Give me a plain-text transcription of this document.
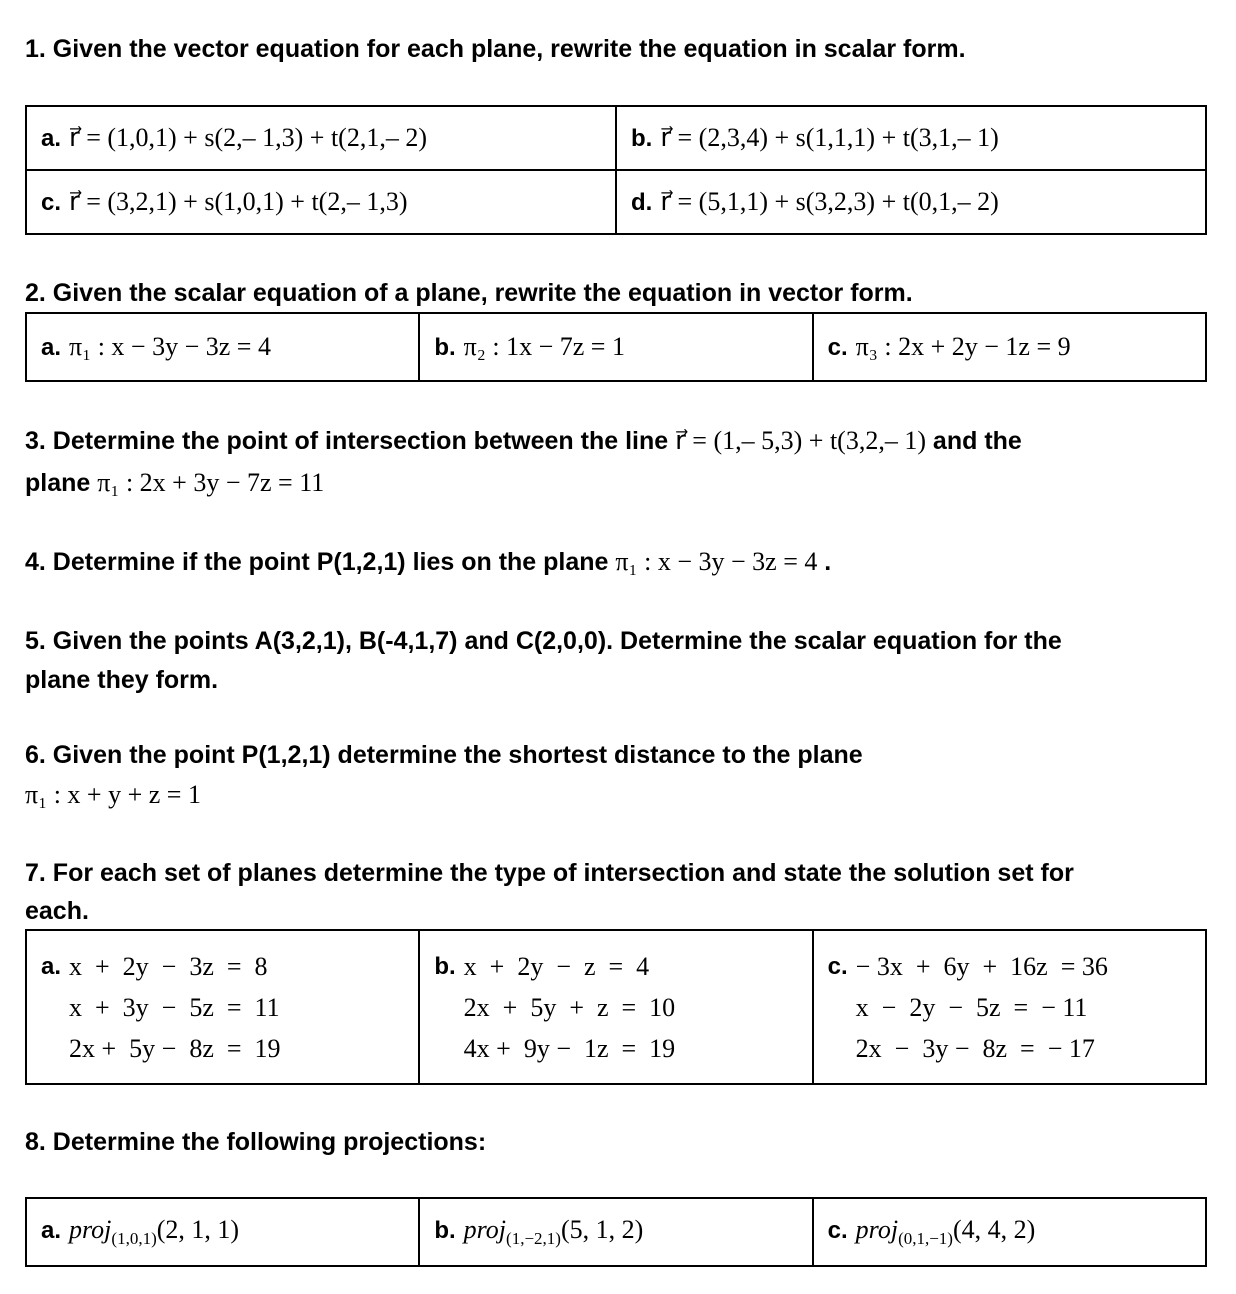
1. Given the vector equation for each plane, rewrite the equation in scalar form.

a. r⃗ = (1,0,1) + s(2,– 1,3) + t(2,1,– 2)	b. r⃗ = (2,3,4) + s(1,1,1) + t(3,1,– 1)
c. r⃗ = (3,2,1) + s(1,0,1) + t(2,– 1,3)	d. r⃗ = (5,1,1) + s(3,2,3) + t(0,1,– 2)

2. Given the scalar equation of a plane, rewrite the equation in vector form.

a. π₁ : x − 3y − 3z = 4	b. π₂ : 1x − 7z = 1	c. π₃ : 2x + 2y − 1z = 9

3. Determine the point of intersection between the line r⃗ = (1,– 5,3) + t(3,2,– 1) and the

plane π₁ : 2x + 3y − 7z = 11

4. Determine if the point P(1,2,1) lies on the plane π₁ : x − 3y − 3z = 4 .

5. Given the points A(3,2,1), B(-4,1,7) and C(2,0,0). Determine the scalar equation for the

plane they form.

6. Given the point P(1,2,1) determine the shortest distance to the plane

π₁ : x + y + z = 1

7. For each set of planes determine the type of intersection and state the solution set for

each.

a. x  +  2y  −  3z  =  8
x  +  3y  −  5z  =  11
2x +  5y −  8z  =  19

b. x  +  2y  −  z  =  4
2x  +  5y  +  z  =  10
4x +  9y −  1z  =  19

c. − 3x  +  6y  +  16z  = 36
x  −  2y  −  5z  =  − 11
2x  −  3y −  8z  =  − 17

8. Determine the following projections:

a. proj(1,0,1)(2, 1, 1)	b. proj(1,−2,1)(5, 1, 2)	c. proj(0,1,−1)(4, 4, 2)
